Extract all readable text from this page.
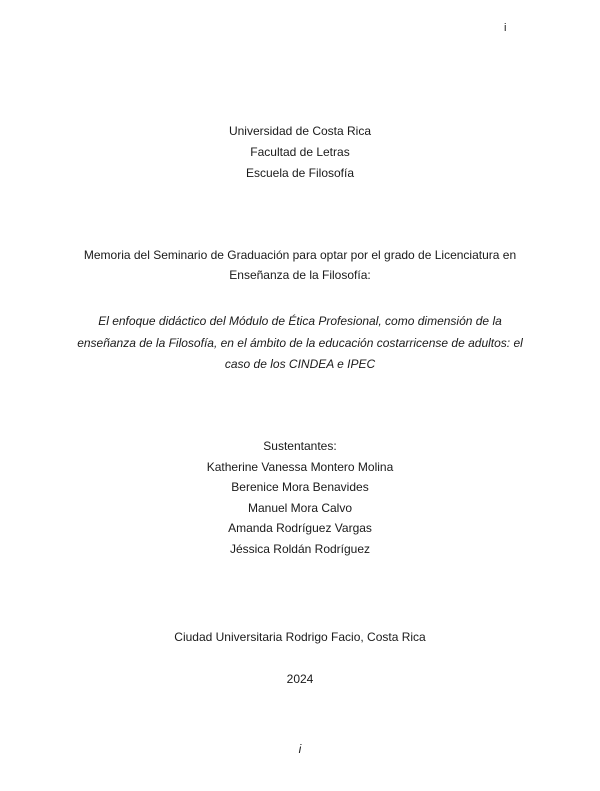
i
Universidad de Costa Rica
Facultad de Letras
Escuela de Filosofía
Memoria del Seminario de Graduación para optar por el grado de Licenciatura en
Enseñanza de la Filosofía:
El enfoque didáctico del Módulo de Ética Profesional, como dimensión de la enseñanza de la Filosofía, en el ámbito de la educación costarricense de adultos: el caso de los CINDEA e IPEC
Sustentantes:
Katherine Vanessa Montero Molina
Berenice Mora Benavides
Manuel Mora Calvo
Amanda Rodríguez Vargas
Jéssica Roldán Rodríguez
Ciudad Universitaria Rodrigo Facio, Costa Rica
2024
i
